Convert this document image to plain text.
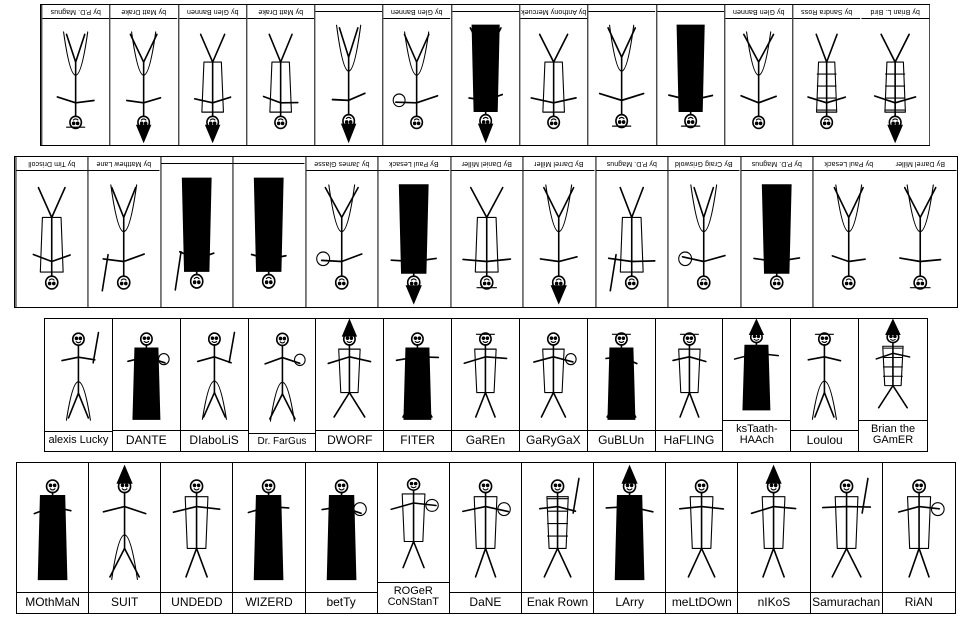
by P.D. Magnus	by Matt Drake	by Glen Bannen	by Matt Drake	by Glen Bannen	by Anthony Mercuek	by Glen Bannen	by Sandra Ross	by Brian L. Bird
by Tim Driscoll	by Matthew Lane	by James Glasse	By Paul Lesack	By Daniel Miller	By Darrel Miller	by P.D. Magnus	By Craig Griswold	by P.D. Magnus	by Paul Lesack	By Darrel Miller
alexis Lucky	DANTE	DIaboLiS	Dr. FarGus	DWORF	FITER	GaREn	GaRyGaX	GuBLUn	HaFLING
ksTaath-HAAch	Loulou
Brian the GAmER
MOthMaN	SUIT	UNDEDD	WIZERD	betTy
ROGeR CoNStanT	DaNE	Enak Rown	LArry	meLtDOwn	nIKoS	Samurachan	RiAN
